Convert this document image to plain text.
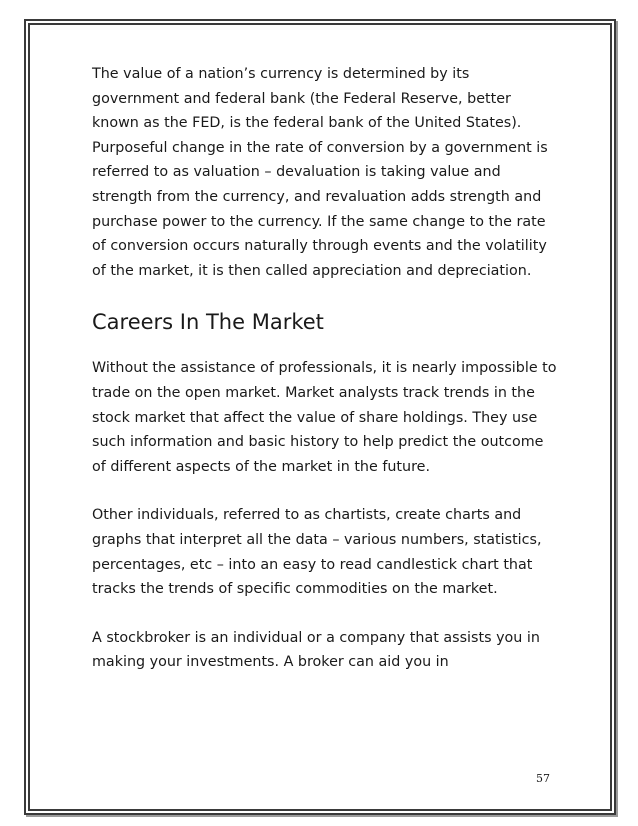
The value of a nation’s currency is determined by its government and federal bank (the Federal Reserve, better known as the FED, is the federal bank of the United States). Purposeful change in the rate of conversion by a government is referred to as valuation – devaluation is taking value and strength from the currency, and revaluation adds strength and purchase power to the currency. If the same change to the rate of conversion occurs naturally through events and the volatility of the market, it is then called appreciation and depreciation.

Careers In The Market

Without the assistance of professionals, it is nearly impossible to trade on the open market. Market analysts track trends in the stock market that affect the value of share holdings. They use such information and basic history to help predict the outcome of different aspects of the market in the future.

Other individuals, referred to as chartists, create charts and graphs that interpret all the data – various numbers, statistics, percentages, etc – into an easy to read candlestick chart that tracks the trends of specific commodities on the market.

A stockbroker is an individual or a company that assists you in making your investments. A broker can aid you in

57
